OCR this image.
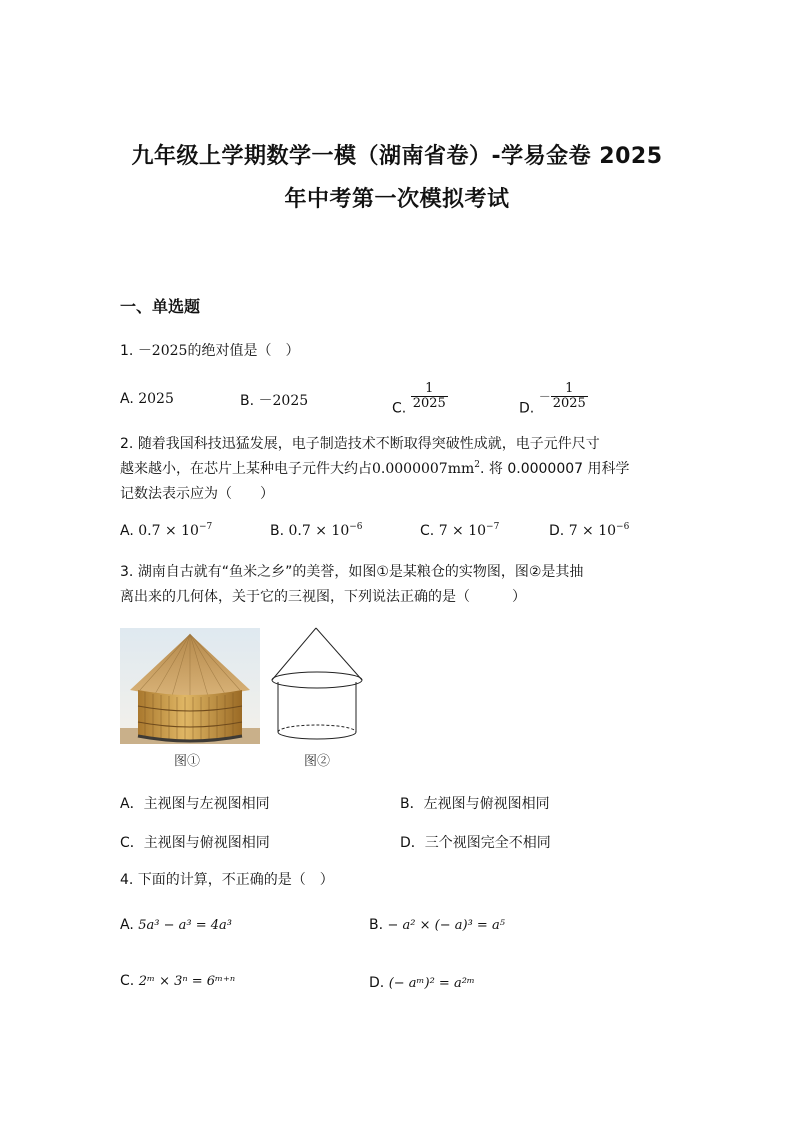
九年级上学期数学一模（湖南省卷）-学易金卷 2025
年中考第一次模拟考试
一、单选题
1. －2025的绝对值是（　）
A. 2025	B. －2025	C. $\frac{1}{2025}$	D. － $\frac{1}{2025}$
2. 随着我国科技迅猛发展，电子制造技术不断取得突破性成就，电子元件尺寸
越来越小，在芯片上某种电子元件大约占$0.0000007mm^2$. 将 0.0000007 用科学
记数法表示应为（　　）
A. $0.7 \times 10^{-7}$	B. $0.7 \times 10^{-6}$	C. $7 \times 10^{-7}$	D. $7 \times 10^{-6}$
3. 湖南自古就有“鱼米之乡”的美誉，如图①是某粮仓的实物图，图②是其抽
离出来的几何体，关于它的三视图，下列说法正确的是（　　　）
图①	图②
A．主视图与左视图相同	B．左视图与俯视图相同
C．主视图与俯视图相同	D．三个视图完全不相同
4. 下面的计算，不正确的是（　）
A. 5a³ − a³ = 4a³	B. − a² × (− a)³ = a⁵
C. 2ᵐ × 3ⁿ = 6ᵐ⁺ⁿ	D. (− aᵐ)² = a²ᵐ
